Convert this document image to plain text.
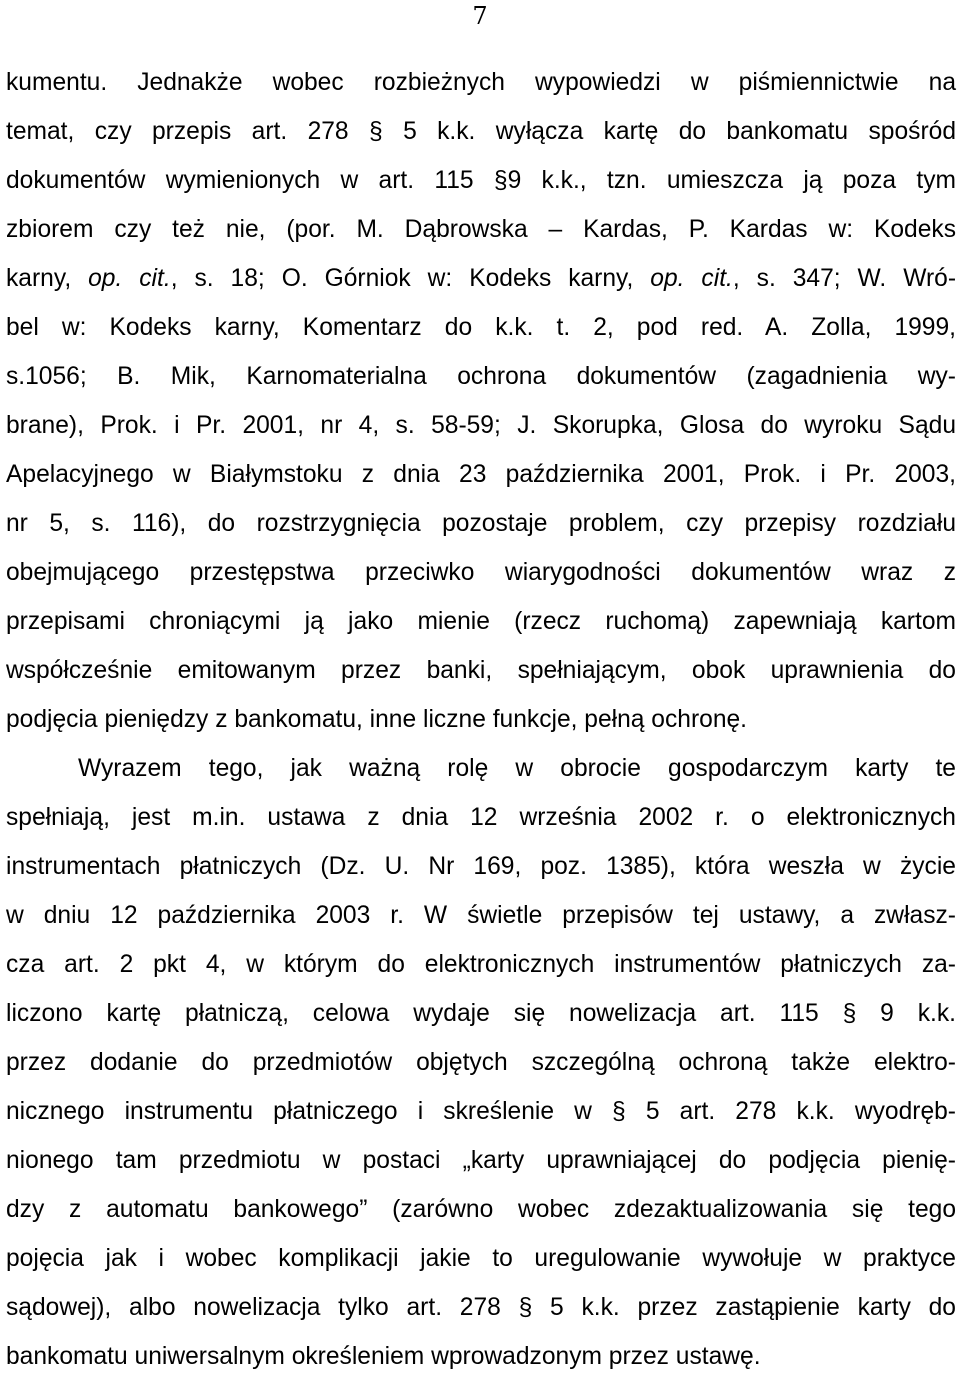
7
kumentu. Jednakże wobec rozbieżnych wypowiedzi w piśmiennictwie na
temat, czy przepis art. 278 § 5 k.k. wyłącza kartę do bankomatu spośród
dokumentów wymienionych w art. 115 §9 k.k., tzn. umieszcza ją poza tym
zbiorem czy też nie, (por. M. Dąbrowska – Kardas, P. Kardas w: Kodeks
karny, op. cit., s. 18; O. Górniok w: Kodeks karny, op. cit., s. 347; W. Wró-
bel w: Kodeks karny, Komentarz do k.k. t. 2, pod red. A. Zolla, 1999,
s.1056; B. Mik, Karnomaterialna ochrona dokumentów (zagadnienia wy-
brane), Prok. i Pr. 2001, nr 4, s. 58-59; J. Skorupka, Glosa do wyroku Sądu
Apelacyjnego w Białymstoku z dnia 23 października 2001, Prok. i Pr. 2003,
nr 5, s. 116), do rozstrzygnięcia pozostaje problem, czy przepisy rozdziału
obejmującego przestępstwa przeciwko wiarygodności dokumentów wraz z
przepisami chroniącymi ją jako mienie (rzecz ruchomą) zapewniają kartom
współcześnie emitowanym przez banki, spełniającym, obok uprawnienia do
podjęcia pieniędzy z bankomatu, inne liczne funkcje, pełną ochronę.
Wyrazem tego, jak ważną rolę w obrocie gospodarczym karty te
spełniają, jest m.in. ustawa z dnia 12 września 2002 r. o elektronicznych
instrumentach płatniczych (Dz. U. Nr 169, poz. 1385), która weszła w życie
w dniu 12 października 2003 r. W świetle przepisów tej ustawy, a zwłasz-
cza art. 2 pkt 4, w którym do elektronicznych instrumentów płatniczych za-
liczono kartę płatniczą, celowa wydaje się nowelizacja art. 115 § 9 k.k.
przez dodanie do przedmiotów objętych szczególną ochroną także elektro-
nicznego instrumentu płatniczego i skreślenie w § 5 art. 278 k.k. wyodręb-
nionego tam przedmiotu w postaci „karty uprawniającej do podjęcia pienię-
dzy z automatu bankowego” (zarówno wobec zdezaktualizowania się tego
pojęcia jak i wobec komplikacji jakie to uregulowanie wywołuje w praktyce
sądowej), albo nowelizacja tylko art. 278 § 5 k.k. przez zastąpienie karty do
bankomatu uniwersalnym określeniem wprowadzonym przez ustawę.
